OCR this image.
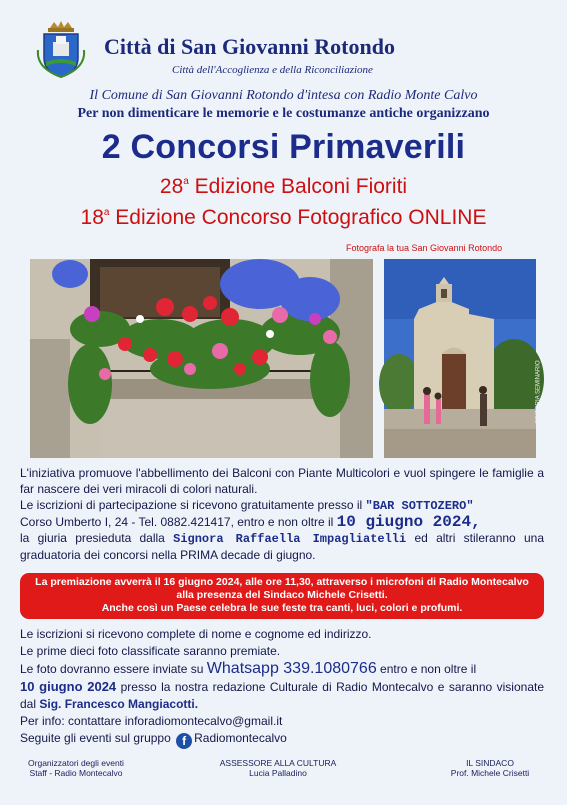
Città di San Giovanni Rotondo
Città dell'Accoglienza e della Riconciliazione
Il Comune di San Giovanni Rotondo d'intesa con Radio Monte Calvo
Per non dimenticare le memorie e le costumanze antiche organizzano
2 Concorsi Primaverili
28$^a$ Edizione Balconi Fioriti
18$^a$ Edizione Concorso Fotografico ONLINE
Fotografa la tua San Giovanni Rotondo
EDITORIA SEMINARIO
L'iniziativa promuove l'abbellimento dei Balconi con Piante Multicolori e vuol spingere le famiglie a far nascere dei veri miracoli di colori naturali.
Le iscrizioni di partecipazione si ricevono gratuitamente presso il "BAR SOTTOZERO"
Corso Umberto I, 24 - Tel. 0882.421417, entro e non oltre il 10 giugno 2024,
la giuria presieduta dalla Signora Raffaella Impagliatelli ed altri stileranno una graduatoria dei concorsi nella PRIMA decade di giugno.
La premiazione avverrà il 16 giugno 2024, alle ore 11,30, attraverso i microfoni di Radio Montecalvo
alla presenza del Sindaco Michele Crisetti.
Anche così un Paese celebra le sue feste tra canti, luci, colori e profumi.
Le iscrizioni si ricevono complete di nome e cognome ed indirizzo.
Le prime dieci foto classificate saranno premiate.
Le foto dovranno essere inviate su Whatsapp 339.1080766 entro e non oltre il
10 giugno 2024 presso la nostra redazione Culturale di Radio Montecalvo e saranno visionate dal Sig. Francesco Mangiacotti.
Per info: contattare inforadiomontecalvo@gmail.it
Seguite gli eventi sul gruppo f Radiomontecalvo
Organizzatori degli eventi
Staff - Radio Montecalvo
ASSESSORE ALLA CULTURA
Lucia Palladino
IL SINDACO
Prof. Michele Crisetti
